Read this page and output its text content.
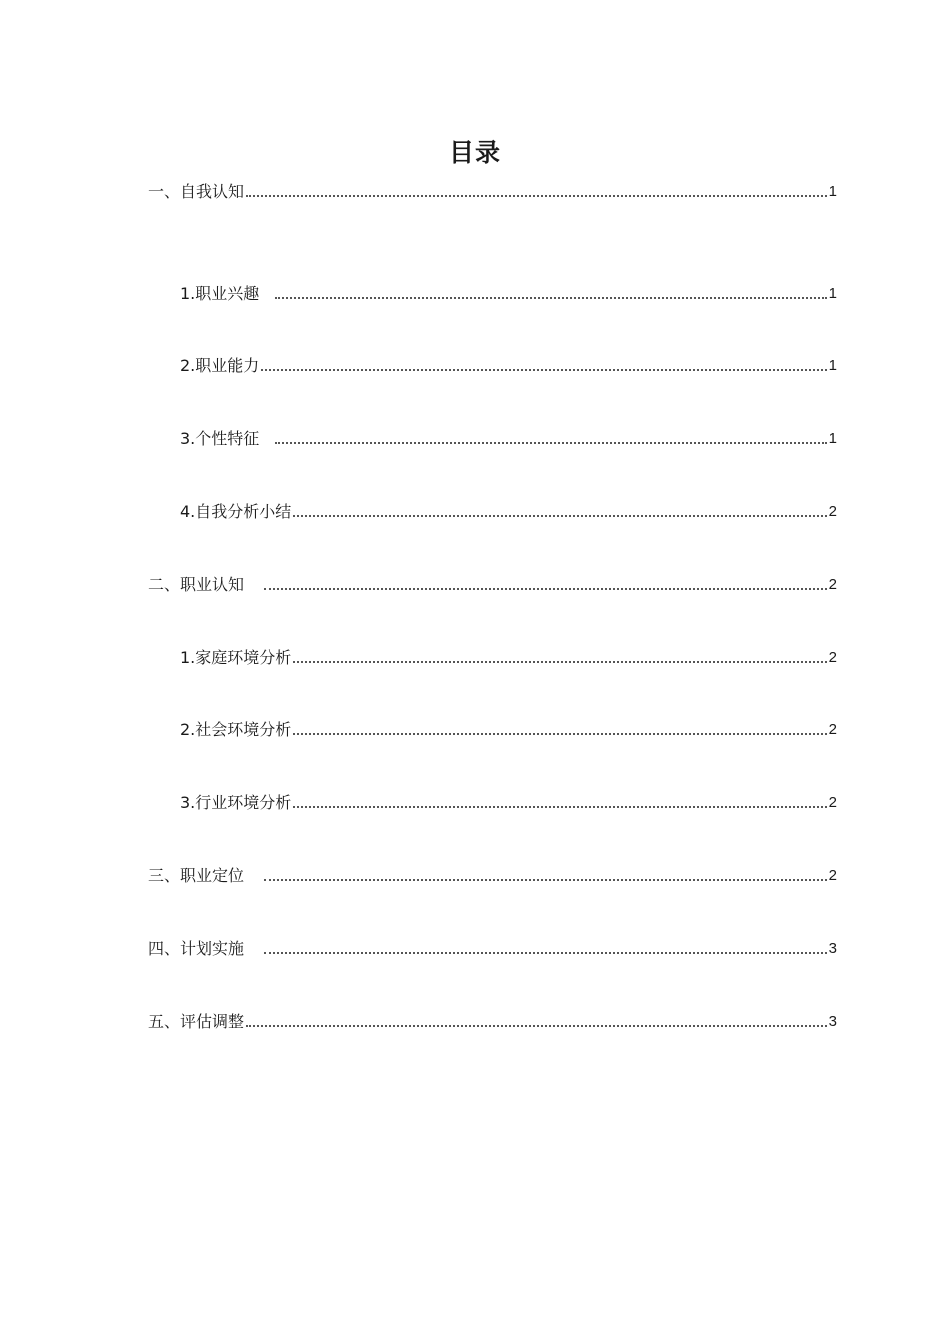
目录
一、自我认知	1
1.职业兴趣	1
2.职业能力	1
3.个性特征	1
4.自我分析小结	2
二、职业认知	2
1.家庭环境分析	2
2.社会环境分析	2
3.行业环境分析	2
三、职业定位	2
四、计划实施	3
五、评估调整	3
